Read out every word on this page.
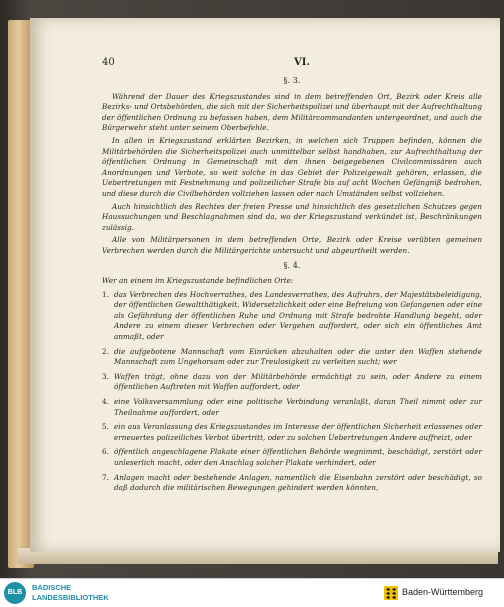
40	VI.
§. 3.

Während der Dauer des Kriegszustandes sind in dem betreffenden Ort, Bezirk oder Kreis alle Bezirks- und Ortsbehörden, die sich mit der Sicherheitspolizei und überhaupt mit der Aufrechthaltung der öffentlichen Ordnung zu befassen haben, dem Militärcommandanten untergeordnet, und auch die Bürgerwehr steht unter seinem Oberbefehle.

In allen in Kriegszustand erklärten Bezirken, in welchen sich Truppen befinden, können die Militärbehörden die Sicherheitspolizei auch unmittelbar selbst handhaben, zur Aufrechthaltung der öffentlichen Ordnung in Gemeinschaft mit den ihnen beigegebenen Civilcommissären auch Anordnungen und Verbote, so weit solche in das Gebiet der Polizeigewalt gehören, erlassen, die Uebertretungen mit Festnehmung und polizeilicher Strafe bis auf acht Wochen Gefängniß bedrohen, und diese durch die Civilbehörden vollziehen lassen oder nach Umständen selbst vollziehen.

Auch hinsichtlich des Rechtes der freien Presse und hinsichtlich des gesetzlichen Schutzes gegen Haussuchungen und Beschlagnahmen sind da, wo der Kriegszustand verkündet ist, Beschränkungen zulässig.

Alle von Militärpersonen in dem betreffenden Orte, Bezirk oder Kreise verübten gemeinen Verbrechen werden durch die Militärgerichte untersucht und abgeurtheilt werden.

§. 4.

Wer an einem im Kriegszustande befindlichen Orte:

1. das Verbrechen des Hochverrathes, des Landesverrathes, des Aufruhrs, der Majestätsbeleidigung, der öffentlichen Gewaltthätigkeit, Widersetzlichkeit oder eine Befreiung von Gefangenen oder eine als Gefährdung der öffentlichen Ruhe und Ordnung mit Strafe bedrohte Handlung begeht, oder Andere zu einem dieser Verbrechen oder Vergehen auffordert, oder sich ein öffentliches Amt anmaßt, oder
2. die aufgebotene Mannschaft vom Einrücken abzuhalten oder die unter den Waffen stehende Mannschaft zum Ungehorsam oder zur Treulosigkeit zu verleiten sucht; wer
3. Waffen trägt, ohne dazu von der Militärbehörde ermächtigt zu sein, oder Andere zu einem öffentlichen Auftreten mit Waffen auffordert, oder
4. eine Volksversammlung oder eine politische Verbindung veranlaßt, daran Theil nimmt oder zur Theilnahme auffordert, oder
5. ein aus Veranlassung des Kriegszustandes im Interesse der öffentlichen Sicherheit erlassenes oder erneuertes polizeiliches Verbot übertritt, oder zu solchen Uebertretungen Andere auffreizt, oder
6. öffentlich angeschlagene Plakate einer öffentlichen Behörde wegnimmt, beschädigt, zerstört oder unleserlich macht, oder den Anschlag solcher Plakate verhindert, oder
7. Anlagen macht oder bestehende Anlagen, namentlich die Eisenbahn zerstört oder beschädigt, so daß dadurch die militärischen Bewegungen gehindert werden könnten,
BLB
BADISCHE
LANDESBIBLIOTHEK	Baden-Württemberg
